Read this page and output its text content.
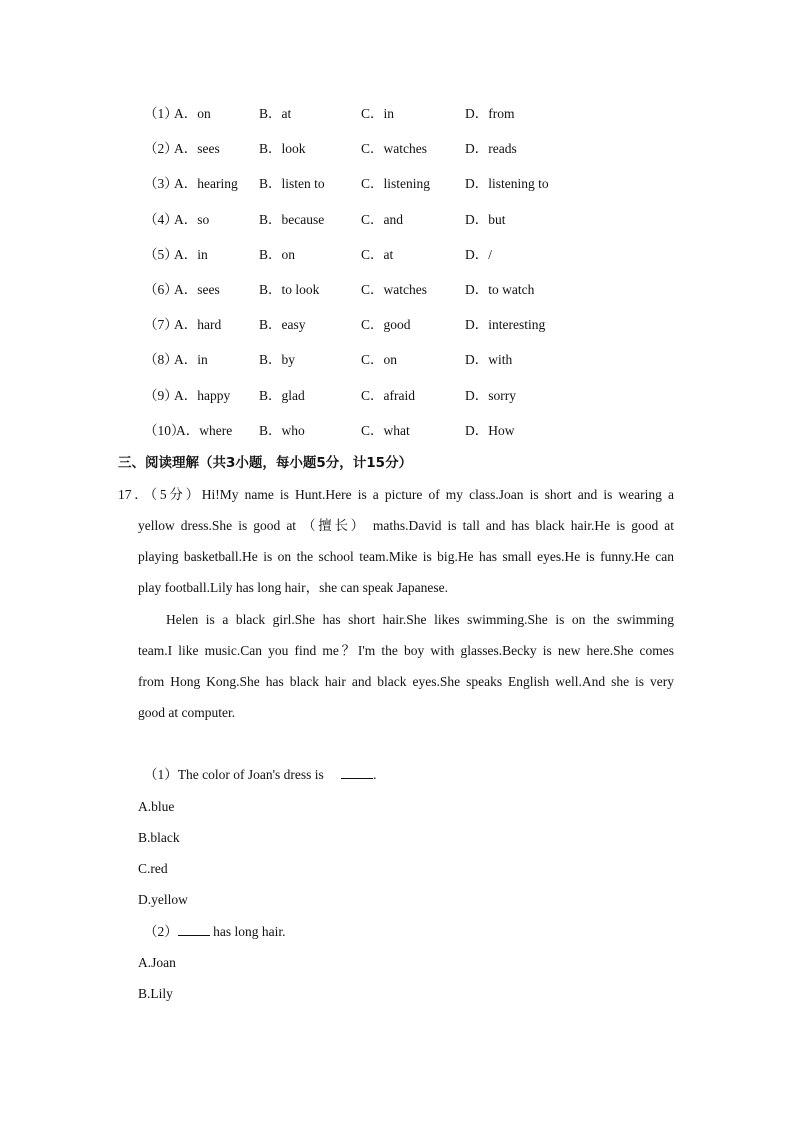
（1）
A．on	B．at	C．in	D．from
（2）
A．sees	B．look	C．watches	D．reads
（3）
A．hearing B．listen to	C．listening	D．listening to
（4）
A．so	B．because	C．and	D．but
（5）
A．in	B．on	C．at	D．/
（6）
A．sees	B．to look	C．watches	D．to watch
（7）
A．hard	B．easy	C．good	D．interesting
（8）
A．in	B．by	C．on	D．with
（9）
A．happy B．glad	C．afraid	D．sorry
（10）
A．where B．who	C．what	D．How
三、阅读理解（共3小题，每小题5分，计15分）
17．（5分）Hi!My name is Hunt.Here is a picture of my class.Joan is short and is wearing a
yellow dress.She is good at （擅长） maths.David is tall and has black hair.He is good at
playing basketball.He is on the school team.Mike is big.He has small eyes.He is funny.He can
play football.Lily has long hair，she can speak Japanese.
Helen is a black girl.She has short hair.She likes swimming.She is on the swimming
team.I like music.Can you find me？I'm the boy with glasses.Becky is new here.She comes
from Hong Kong.She has black hair and black eyes.She speaks English well.And she is very
good at computer.
（1）The color of Joan's dress is	.
A.blue
B.black
C.red
D.yellow
（2）	has long hair.
A.Joan
B.Lily
